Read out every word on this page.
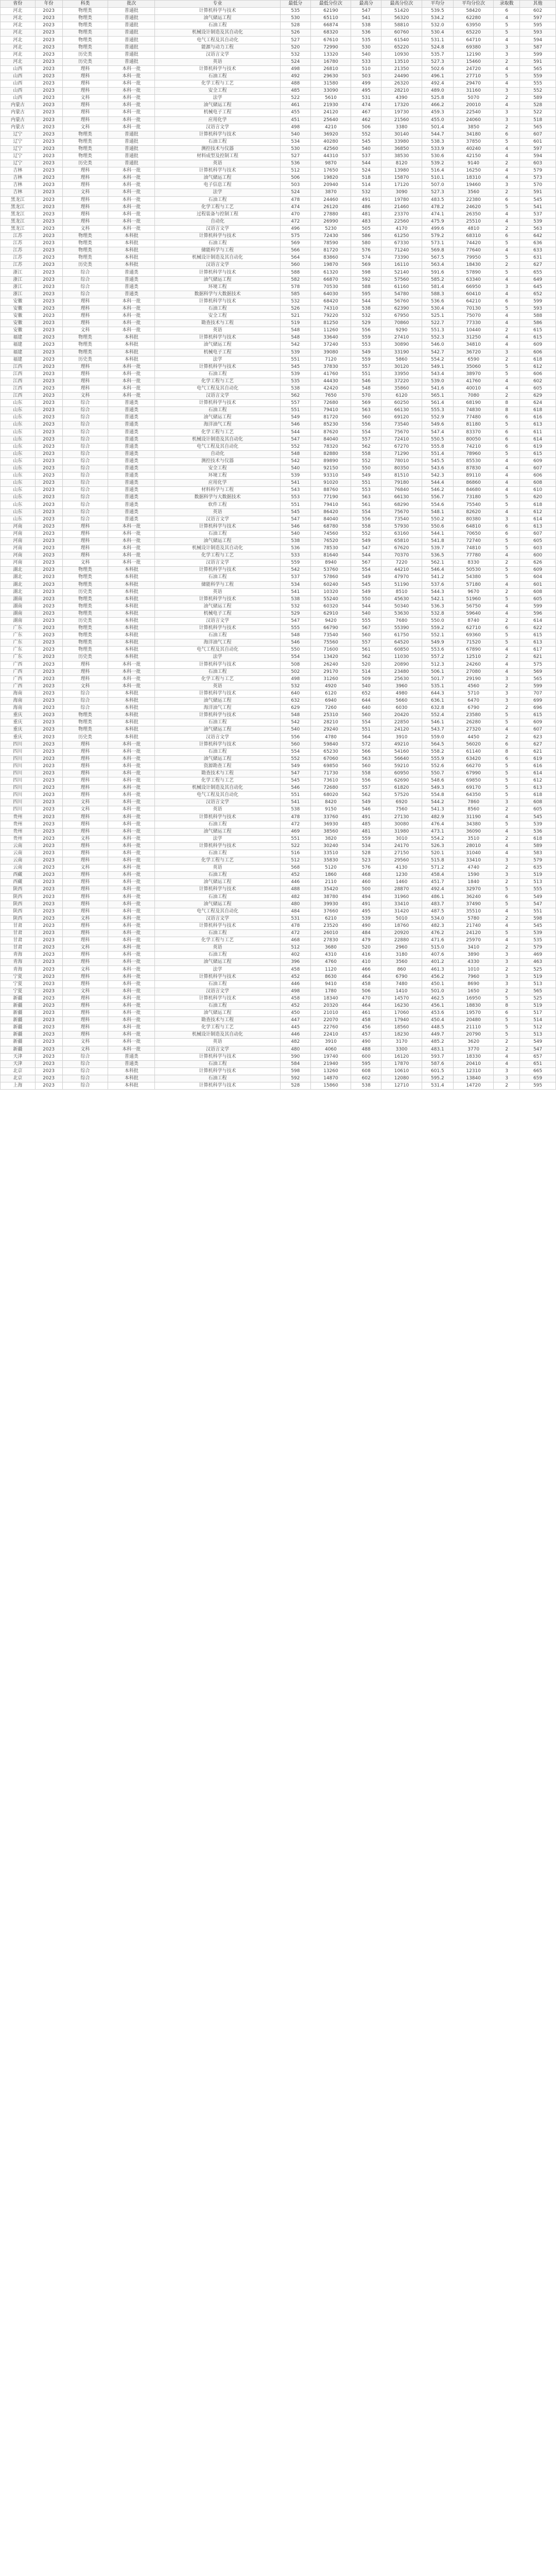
省份	年份	科类	批次	专业	最低分	最低分位次	最高分	最高分位次	平均分	平均分位次	录取数	其他
河北	2023	物理类	普通批	计算机科学与技术	535	62190	547	51420	539.5	58420	6	602
河北	2023	物理类	普通批	油气储运工程	530	65110	541	56320	534.2	62280	4	597
河北	2023	物理类	普通批	石油工程	528	66874	538	58810	532.0	63950	5	595
河北	2023	物理类	普通批	机械设计制造及其自动化	526	68320	536	60760	530.4	65220	5	593
河北	2023	物理类	普通批	电气工程及其自动化	527	67610	535	61540	531.1	64710	4	594
河北	2023	物理类	普通批	能源与动力工程	520	72990	530	65220	524.8	69380	3	587
河北	2023	历史类	普通批	汉语言文学	532	13320	540	10930	535.7	12190	3	599
河北	2023	历史类	普通批	英语	524	16780	533	13510	527.3	15460	2	591
山西	2023	理科	本科一批	计算机科学与技术	498	26810	510	21350	502.6	24720	4	565
山西	2023	理科	本科一批	石油工程	492	29630	503	24490	496.1	27710	5	559
山西	2023	理科	本科一批	化学工程与工艺	488	31580	499	26320	492.4	29470	4	555
山西	2023	理科	本科一批	安全工程	485	33090	495	28210	489.0	31160	3	552
山西	2023	文科	本科一批	法学	522	5610	531	4390	525.8	5070	2	589
内蒙古	2023	理科	本科一批	油气储运工程	461	21930	474	17320	466.2	20010	4	528
内蒙古	2023	理科	本科一批	机械电子工程	455	24120	467	19730	459.3	22540	3	522
内蒙古	2023	理科	本科一批	应用化学	451	25640	462	21560	455.0	24060	3	518
内蒙古	2023	文科	本科一批	汉语言文学	498	4210	506	3380	501.4	3850	2	565
辽宁	2023	物理类	普通批	计算机科学与技术	540	36920	552	30140	544.7	34180	6	607
辽宁	2023	物理类	普通批	石油工程	534	40280	545	33980	538.3	37850	5	601
辽宁	2023	物理类	普通批	测控技术与仪器	530	42560	540	36850	533.9	40240	4	597
辽宁	2023	物理类	普通批	材料成型及控制工程	527	44310	537	38530	530.6	42150	4	594
辽宁	2023	历史类	普通批	英语	536	9870	544	8120	539.2	9140	2	603
吉林	2023	理科	本科一批	计算机科学与技术	512	17650	524	13980	516.4	16250	4	579
吉林	2023	理科	本科一批	油气储运工程	506	19820	518	15870	510.1	18310	4	573
吉林	2023	理科	本科一批	电子信息工程	503	20940	514	17120	507.0	19460	3	570
吉林	2023	文科	本科一批	法学	524	3870	532	3090	527.3	3560	2	591
黑龙江	2023	理科	本科一批	石油工程	478	24460	491	19780	483.5	22380	6	545
黑龙江	2023	理科	本科一批	化学工程与工艺	474	26120	486	21460	478.2	24620	5	541
黑龙江	2023	理科	本科一批	过程装备与控制工程	470	27880	481	23370	474.1	26350	4	537
黑龙江	2023	理科	本科一批	自动化	472	26990	483	22560	475.9	25510	4	539
黑龙江	2023	文科	本科一批	汉语言文学	496	5230	505	4170	499.6	4810	2	563
江苏	2023	物理类	本科批	计算机科学与技术	575	72430	586	61250	579.2	68310	6	642
江苏	2023	物理类	本科批	石油工程	569	78590	580	67330	573.1	74420	5	636
江苏	2023	物理类	本科批	储能科学与工程	566	81720	576	71240	569.8	77640	4	633
江苏	2023	物理类	本科批	机械设计制造及其自动化	564	83860	574	73390	567.5	79950	5	631
江苏	2023	历史类	本科批	汉语言文学	560	19870	569	16110	563.4	18430	2	627
浙江	2023	综合	普通类	计算机科学与技术	588	61320	598	52140	591.6	57890	5	655
浙江	2023	综合	普通类	油气储运工程	582	66870	592	57560	585.2	63340	4	649
浙江	2023	综合	普通类	环境工程	578	70530	588	61160	581.4	66950	3	645
浙江	2023	综合	普通类	数据科学与大数据技术	585	64030	595	54780	588.3	60410	4	652
安徽	2023	理科	本科一批	计算机科学与技术	532	68420	544	56760	536.6	64210	6	599
安徽	2023	理科	本科一批	石油工程	526	74310	538	62390	530.4	70130	5	593
安徽	2023	理科	本科一批	安全工程	521	79220	532	67950	525.1	75070	4	588
安徽	2023	理科	本科一批	勘查技术与工程	519	81250	529	70860	522.7	77330	4	586
安徽	2023	文科	本科一批	英语	548	11260	556	9290	551.3	10440	2	615
福建	2023	物理类	本科批	计算机科学与技术	548	33640	559	27410	552.3	31250	4	615
福建	2023	物理类	本科批	油气储运工程	542	37240	553	30890	546.0	34810	4	609
福建	2023	物理类	本科批	机械电子工程	539	39080	549	33190	542.7	36720	3	606
福建	2023	历史类	本科批	法学	551	7120	559	5860	554.2	6590	2	618
江西	2023	理科	本科一批	计算机科学与技术	545	37830	557	30120	549.1	35060	5	612
江西	2023	理科	本科一批	石油工程	539	41760	551	33950	543.4	38970	5	606
江西	2023	理科	本科一批	化学工程与工艺	535	44430	546	37220	539.0	41760	4	602
江西	2023	理科	本科一批	电气工程及其自动化	538	42420	548	35860	541.6	40010	4	605
江西	2023	文科	本科一批	汉语言文学	562	7650	570	6120	565.1	7080	2	629
山东	2023	综合	普通类	计算机科学与技术	557	72680	569	60250	561.4	68190	8	624
山东	2023	综合	普通类	石油工程	551	79410	563	66130	555.3	74830	8	618
山东	2023	综合	普通类	油气储运工程	549	81720	560	69120	552.9	77480	6	616
山东	2023	综合	普通类	海洋油气工程	546	85230	556	73540	549.6	81180	5	613
山东	2023	综合	普通类	化学工程与工艺	544	87620	554	75670	547.4	83370	6	611
山东	2023	综合	普通类	机械设计制造及其自动化	547	84040	557	72410	550.5	80050	6	614
山东	2023	综合	普通类	电气工程及其自动化	552	78320	562	67270	555.8	74210	6	619
山东	2023	综合	普通类	自动化	548	82880	558	71290	551.4	78960	5	615
山东	2023	综合	普通类	测控技术与仪器	542	89890	552	78010	545.5	85530	4	609
山东	2023	综合	普通类	安全工程	540	92150	550	80350	543.6	87830	4	607
山东	2023	综合	普通类	环境工程	539	93310	549	81510	542.3	89110	4	606
山东	2023	综合	普通类	应用化学	541	91020	551	79180	544.4	86860	4	608
山东	2023	综合	普通类	材料科学与工程	543	88760	553	76840	546.2	84680	4	610
山东	2023	综合	普通类	数据科学与大数据技术	553	77190	563	66130	556.7	73180	5	620
山东	2023	综合	普通类	软件工程	551	79410	561	68290	554.6	75540	5	618
山东	2023	综合	普通类	英语	545	86420	554	75670	548.1	82620	4	612
山东	2023	综合	普通类	汉语言文学	547	84040	556	73540	550.2	80380	3	614
河南	2023	理科	本科一批	计算机科学与技术	546	68780	558	57930	550.6	64810	6	613
河南	2023	理科	本科一批	石油工程	540	74560	552	63160	544.1	70650	6	607
河南	2023	理科	本科一批	油气储运工程	538	76520	549	65810	541.8	72740	5	605
河南	2023	理科	本科一批	机械设计制造及其自动化	536	78530	547	67620	539.7	74810	5	603
河南	2023	理科	本科一批	化学工程与工艺	533	81640	544	70370	536.5	77780	4	600
河南	2023	文科	本科一批	汉语言文学	559	8940	567	7220	562.1	8330	2	626
湖北	2023	物理类	本科批	计算机科学与技术	542	53760	554	44210	546.4	50530	5	609
湖北	2023	物理类	本科批	石油工程	537	57860	549	47970	541.2	54380	5	604
湖北	2023	物理类	本科批	储能科学与工程	534	60240	545	51190	537.6	57180	4	601
湖北	2023	历史类	本科批	英语	541	10320	549	8510	544.3	9670	2	608
湖南	2023	物理类	本科批	计算机科学与技术	538	55240	550	45630	542.1	51960	5	605
湖南	2023	物理类	本科批	油气储运工程	532	60320	544	50340	536.3	56750	4	599
湖南	2023	物理类	本科批	机械电子工程	529	62910	540	53630	532.8	59640	4	596
湖南	2023	历史类	本科批	汉语言文学	547	9420	555	7680	550.0	8740	2	614
广东	2023	物理类	本科批	计算机科学与技术	555	66790	567	55390	559.2	62710	6	622
广东	2023	物理类	本科批	石油工程	548	73540	560	61750	552.1	69360	5	615
广东	2023	物理类	本科批	海洋油气工程	546	75560	557	64520	549.9	71520	5	613
广东	2023	物理类	本科批	电气工程及其自动化	550	71600	561	60850	553.6	67890	4	617
广东	2023	历史类	本科批	法学	554	13420	562	11030	557.2	12510	2	621
广西	2023	理科	本科一批	计算机科学与技术	508	26240	520	20890	512.3	24260	4	575
广西	2023	理科	本科一批	石油工程	502	29170	514	23480	506.1	27080	4	569
广西	2023	理科	本科一批	化学工程与工艺	498	31260	509	25630	501.7	29190	3	565
广西	2023	文科	本科一批	英语	532	4920	540	3960	535.1	4560	2	599
海南	2023	综合	本科批	计算机科学与技术	640	6120	652	4980	644.3	5710	3	707
海南	2023	综合	本科批	油气储运工程	632	6940	644	5660	636.1	6470	3	699
海南	2023	综合	本科批	海洋油气工程	629	7260	640	6030	632.8	6790	2	696
重庆	2023	物理类	本科批	计算机科学与技术	548	25310	560	20420	552.4	23580	5	615
重庆	2023	物理类	本科批	石油工程	542	28210	554	22850	546.1	26280	5	609
重庆	2023	物理类	本科批	油气储运工程	540	29240	551	24120	543.7	27320	4	607
重庆	2023	历史类	本科批	汉语言文学	556	4780	564	3910	559.0	4450	2	623
四川	2023	理科	本科一批	计算机科学与技术	560	59840	572	49210	564.5	56020	6	627
四川	2023	理科	本科一批	石油工程	554	65230	566	54160	558.2	61140	8	621
四川	2023	理科	本科一批	油气储运工程	552	67060	563	56640	555.9	63420	6	619
四川	2023	理科	本科一批	资源勘查工程	549	69850	560	59210	552.6	66270	5	616
四川	2023	理科	本科一批	勘查技术与工程	547	71730	558	60950	550.7	67990	5	614
四川	2023	理科	本科一批	化学工程与工艺	545	73610	556	62690	548.6	69850	5	612
四川	2023	理科	本科一批	机械设计制造及其自动化	546	72680	557	61820	549.3	69170	5	613
四川	2023	理科	本科一批	电气工程及其自动化	551	68020	562	57520	554.8	64350	5	618
四川	2023	文科	本科一批	汉语言文学	541	8420	549	6920	544.2	7860	3	608
四川	2023	文科	本科一批	英语	538	9150	546	7560	541.3	8560	2	605
贵州	2023	理科	本科一批	计算机科学与技术	478	33760	491	27130	482.9	31190	4	545
贵州	2023	理科	本科一批	石油工程	472	36930	485	30080	476.4	34380	5	539
贵州	2023	理科	本科一批	油气储运工程	469	38560	481	31980	473.1	36090	4	536
贵州	2023	文科	本科一批	法学	551	3820	559	3010	554.2	3510	2	618
云南	2023	理科	本科一批	计算机科学与技术	522	30240	534	24170	526.3	28010	4	589
云南	2023	理科	本科一批	石油工程	516	33510	528	27150	520.1	31040	4	583
云南	2023	理科	本科一批	化学工程与工艺	512	35830	523	29560	515.8	33410	3	579
云南	2023	文科	本科一批	英语	568	5120	576	4130	571.2	4740	2	635
西藏	2023	理科	本科一批	石油工程	452	1860	468	1230	458.4	1590	3	519
西藏	2023	理科	本科一批	油气储运工程	446	2110	460	1460	451.7	1840	2	513
陕西	2023	理科	本科一批	计算机科学与技术	488	35420	500	28870	492.4	32970	5	555
陕西	2023	理科	本科一批	石油工程	482	38780	494	31960	486.1	36240	6	549
陕西	2023	理科	本科一批	油气储运工程	480	39930	491	33410	483.7	37490	5	547
陕西	2023	理科	本科一批	电气工程及其自动化	484	37660	495	31420	487.5	35510	4	551
陕西	2023	文科	本科一批	汉语言文学	531	6210	539	5010	534.0	5780	2	598
甘肃	2023	理科	本科一批	计算机科学与技术	478	23520	490	18760	482.3	21740	4	545
甘肃	2023	理科	本科一批	石油工程	472	26010	484	20920	476.2	24120	5	539
甘肃	2023	理科	本科一批	化学工程与工艺	468	27830	479	22880	471.6	25970	4	535
甘肃	2023	文科	本科一批	英语	512	3680	520	2960	515.0	3410	2	579
青海	2023	理科	本科一批	石油工程	402	4310	416	3180	407.6	3890	3	469
青海	2023	理科	本科一批	油气储运工程	396	4760	410	3560	401.2	4330	3	463
青海	2023	文科	本科一批	法学	458	1120	466	860	461.3	1010	2	525
宁夏	2023	理科	本科一批	计算机科学与技术	452	8630	464	6790	456.2	7960	3	519
宁夏	2023	理科	本科一批	石油工程	446	9410	458	7480	450.1	8690	3	513
宁夏	2023	文科	本科一批	汉语言文学	498	1780	506	1410	501.0	1650	2	565
新疆	2023	理科	本科一批	计算机科学与技术	458	18340	470	14570	462.5	16950	5	525
新疆	2023	理科	本科一批	石油工程	452	20320	464	16230	456.1	18830	8	519
新疆	2023	理科	本科一批	油气储运工程	450	21010	461	17060	453.6	19570	6	517
新疆	2023	理科	本科一批	勘查技术与工程	447	22070	458	17940	450.4	20480	5	514
新疆	2023	理科	本科一批	化学工程与工艺	445	22760	456	18560	448.5	21110	5	512
新疆	2023	理科	本科一批	机械设计制造及其自动化	446	22410	457	18230	449.7	20790	5	513
新疆	2023	文科	本科一批	英语	482	3910	490	3170	485.2	3620	2	549
新疆	2023	文科	本科一批	汉语言文学	480	4060	488	3300	483.1	3770	2	547
天津	2023	综合	普通类	计算机科学与技术	590	19740	600	16120	593.7	18330	4	657
天津	2023	综合	普通类	石油工程	584	21940	595	17870	587.6	20410	4	651
北京	2023	综合	本科批	计算机科学与技术	598	13260	608	10610	601.5	12310	3	665
北京	2023	综合	本科批	石油工程	592	14870	602	12080	595.2	13840	3	659
上海	2023	综合	本科批	计算机科学与技术	528	15860	538	12710	531.4	14720	2	595
